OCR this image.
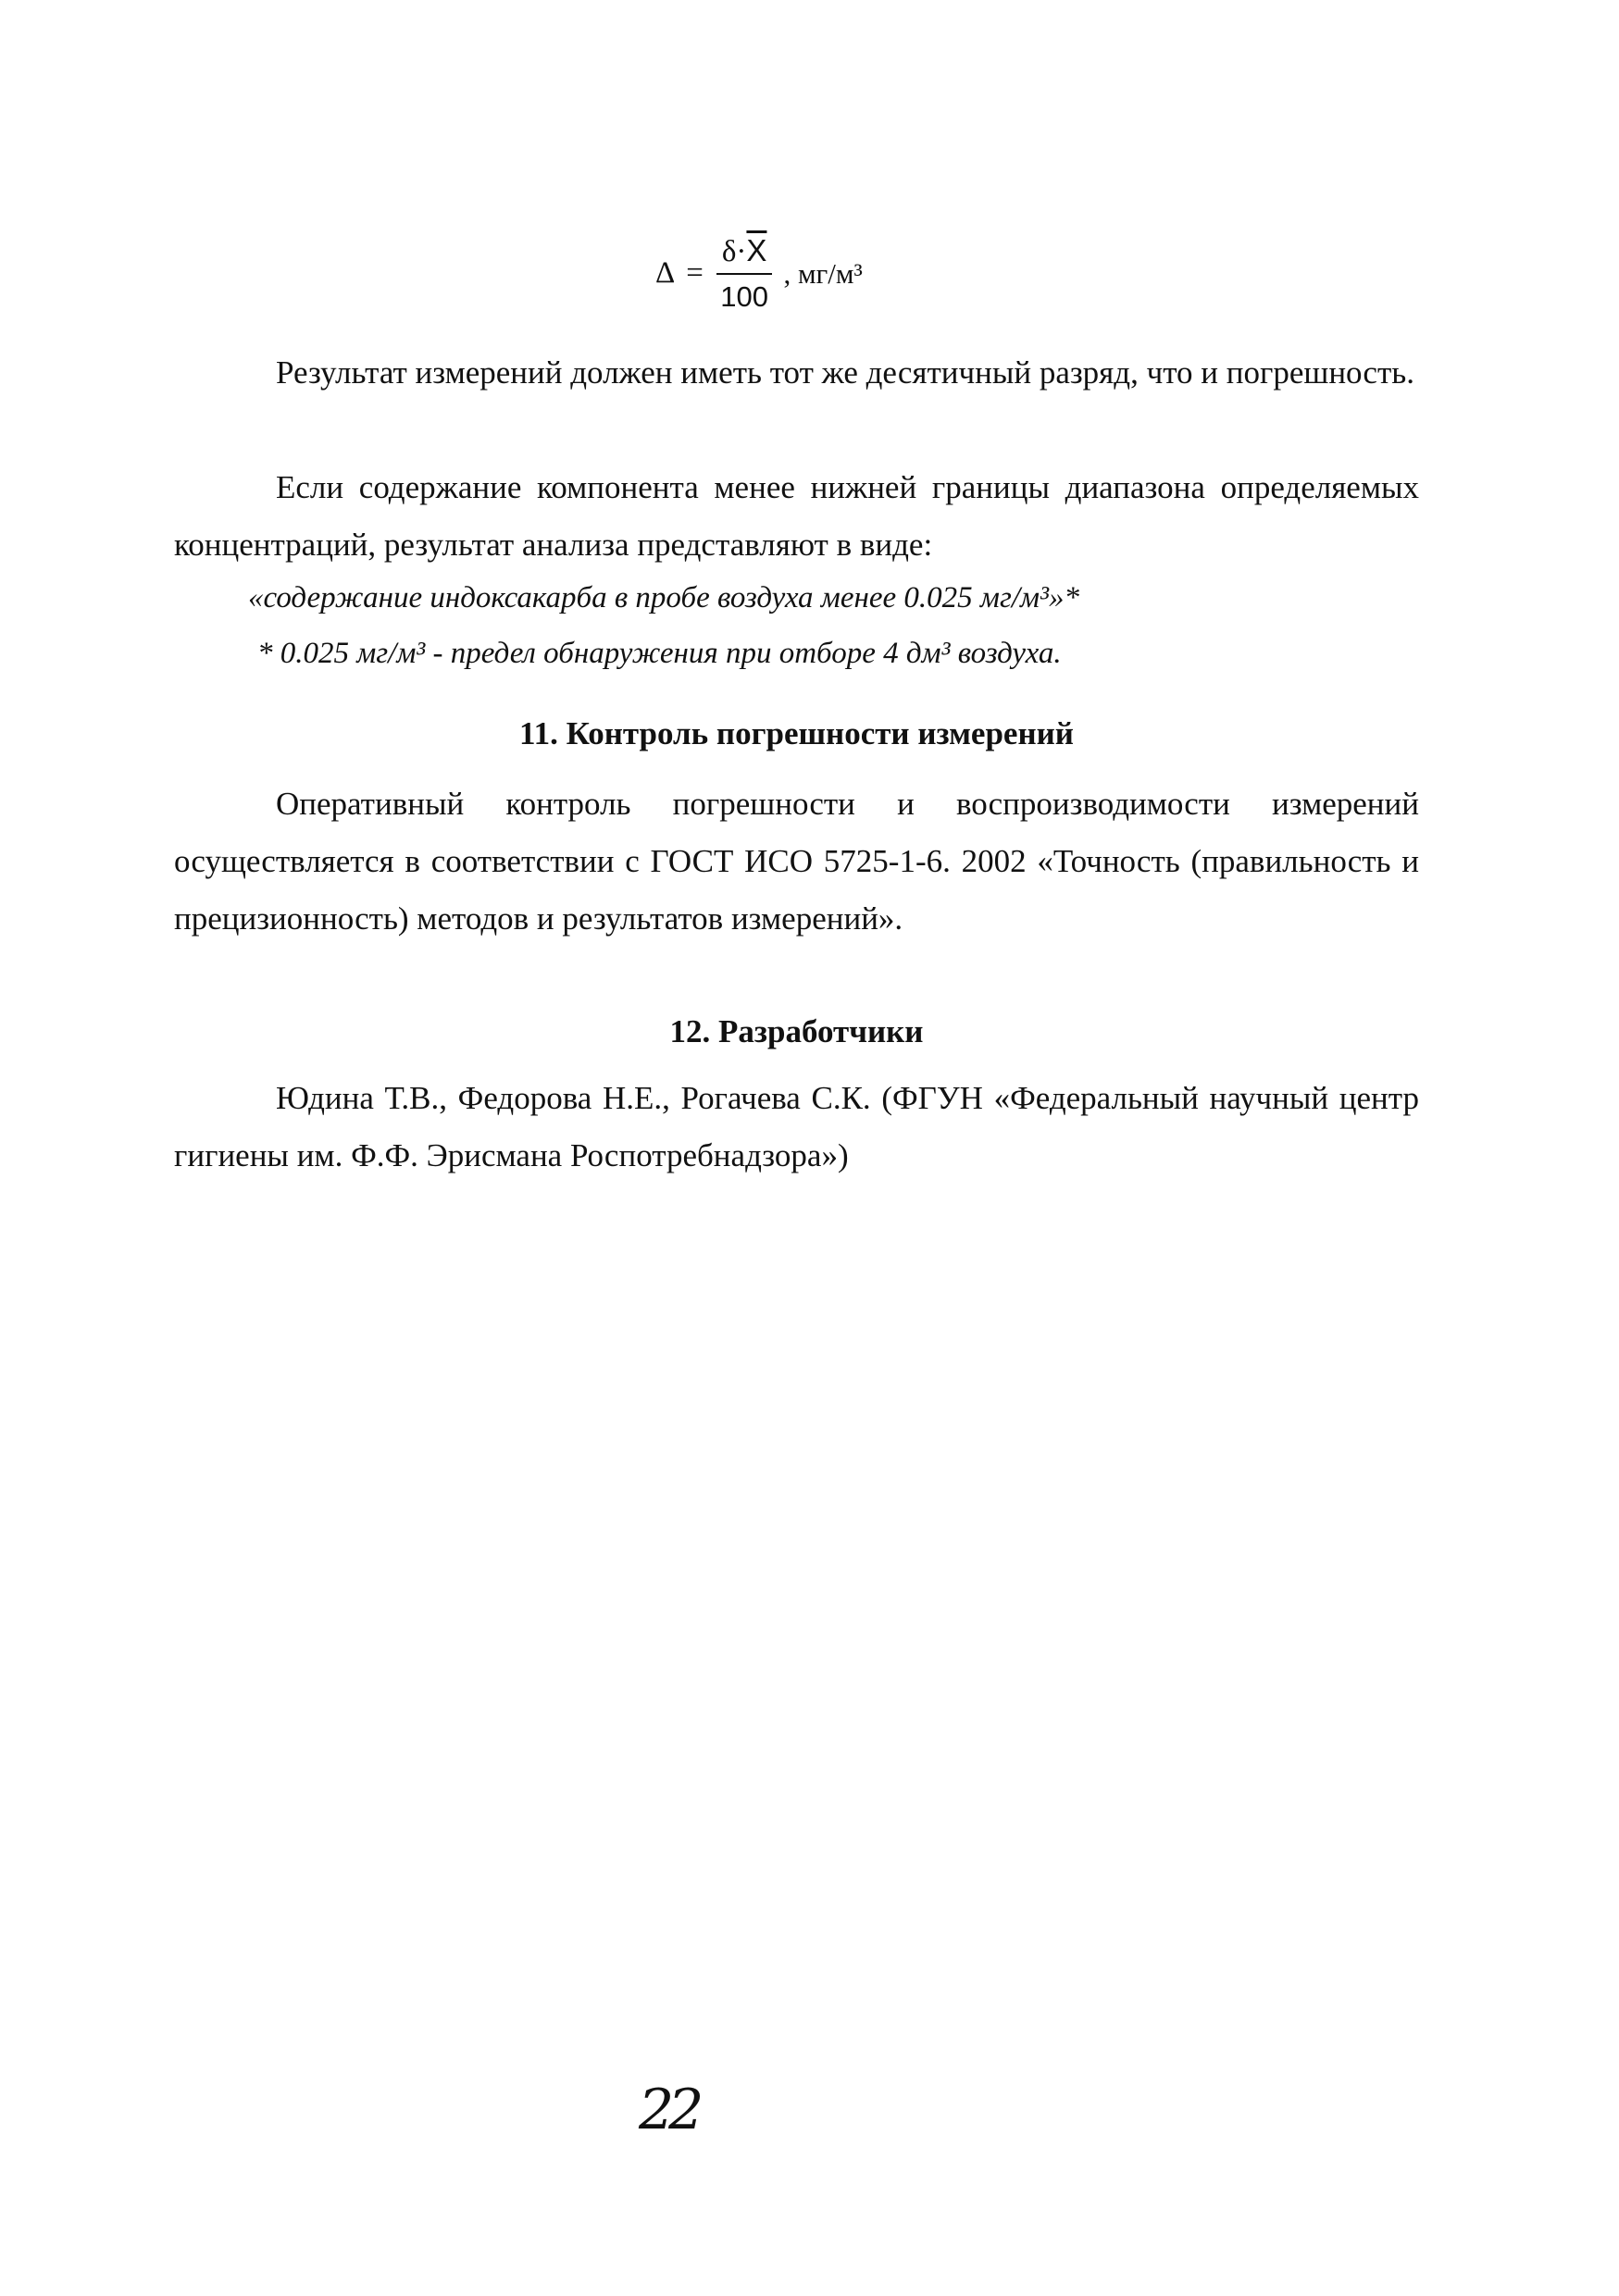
$\Delta = \frac{\delta\cdot\overline{X}}{100}$ , мг/м³

Результат измерений должен иметь тот же десятичный разряд, что и погрешность.

Если содержание компонента менее нижней границы диапазона определяемых концентраций, результат анализа представляют в виде:

«содержание индоксакарба в пробе воздуха менее 0.025 мг/м³»*

* 0.025 мг/м³ - предел обнаружения при отборе 4 дм³ воздуха.

11. Контроль погрешности измерений

Оперативный контроль погрешности и воспроизводимости измерений осуществляется в соответствии с ГОСТ ИСО 5725-1-6. 2002 «Точность (правильность и прецизионность) методов и результатов измерений».

12. Разработчики

Юдина Т.В., Федорова Н.Е., Рогачева С.К. (ФГУН «Федеральный научный центр гигиены им. Ф.Ф. Эрисмана Роспотребнадзора»)

22
